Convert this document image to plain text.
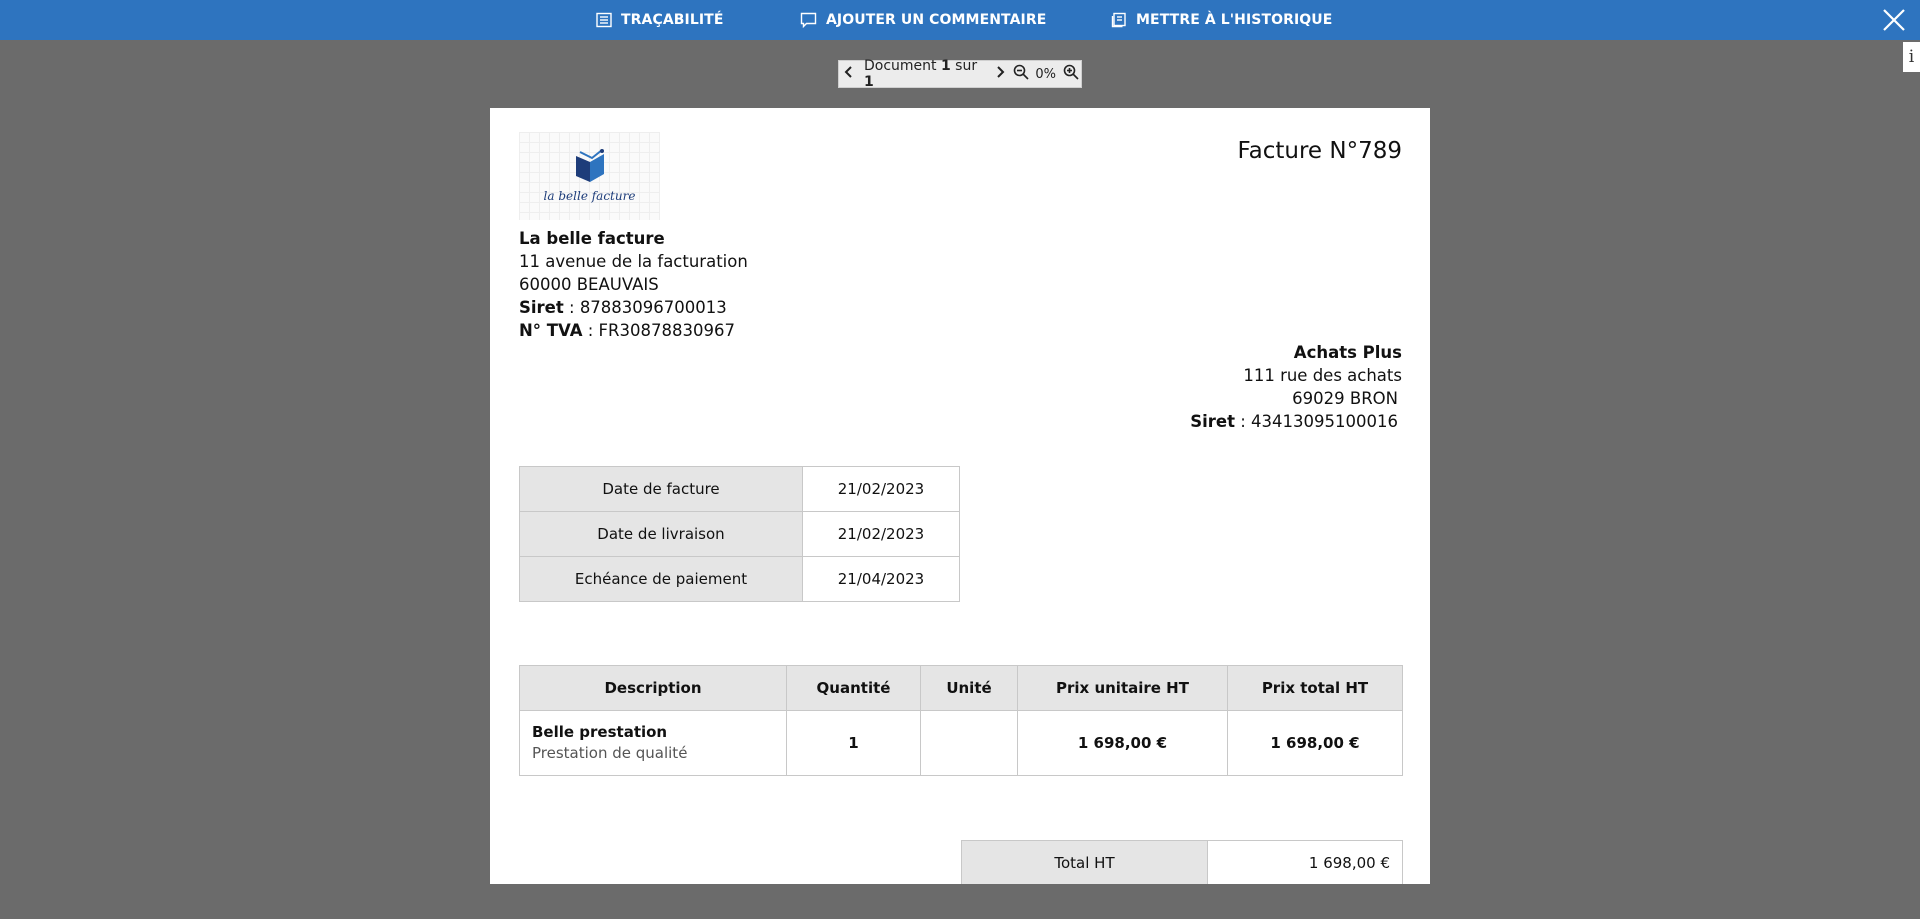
TRAÇABILITÉ	AJOUTER UN COMMENTAIRE	METTRE À L'HISTORIQUE
i
Document 1 sur 1	0%
la belle facture
Facture N°789
La belle facture
11 avenue de la facturation
60000 BEAUVAIS
Siret : 87883096700013
N° TVA : FR30878830967
Achats Plus
111 rue des achats
69029 BRON
Siret : 43413095100016
Date de facture	21/02/2023
Date de livraison	21/02/2023
Echéance de paiement	21/04/2023
Description	Quantité	Unité	Prix unitaire HT	Prix total HT

Belle prestation
Prestation de qualité	1		1 698,00 €	1 698,00 €
Total HT	1 698,00 €
